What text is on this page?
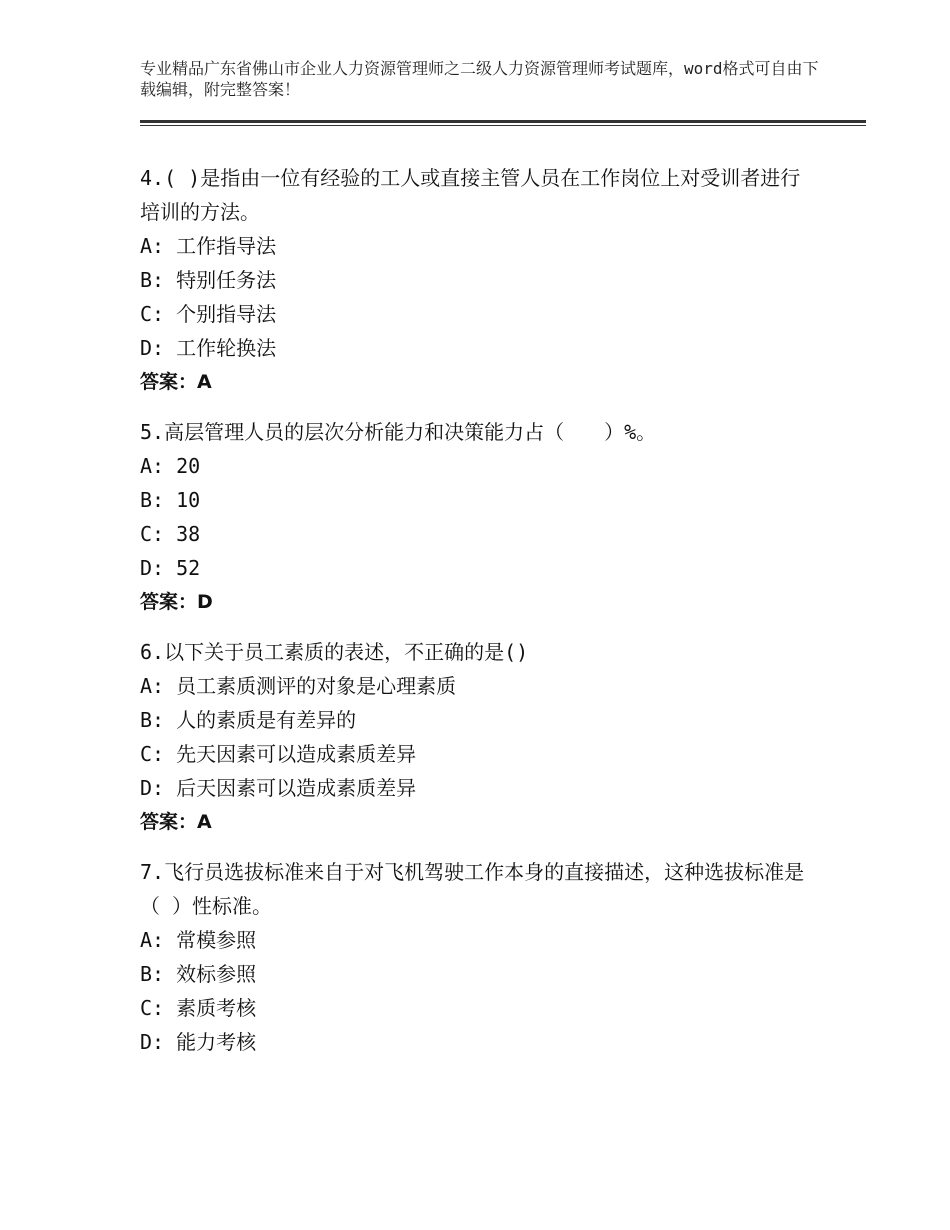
专业精品广东省佛山市企业人力资源管理师之二级人力资源管理师考试题库，word格式可自由下载编辑，附完整答案！

4.( )是指由一位有经验的工人或直接主管人员在工作岗位上对受训者进行培训的方法。

A: 工作指导法
B: 特别任务法
C: 个别指导法
D: 工作轮换法
答案：A

5.高层管理人员的层次分析能力和决策能力占（　　）%。

A: 20
B: 10
C: 38
D: 52
答案：D

6.以下关于员工素质的表述，不正确的是()

A: 员工素质测评的对象是心理素质
B: 人的素质是有差异的
C: 先天因素可以造成素质差异
D: 后天因素可以造成素质差异
答案：A

7.飞行员选拔标准来自于对飞机驾驶工作本身的直接描述，这种选拔标准是（ ）性标准。

A: 常模参照
B: 效标参照
C: 素质考核
D: 能力考核
